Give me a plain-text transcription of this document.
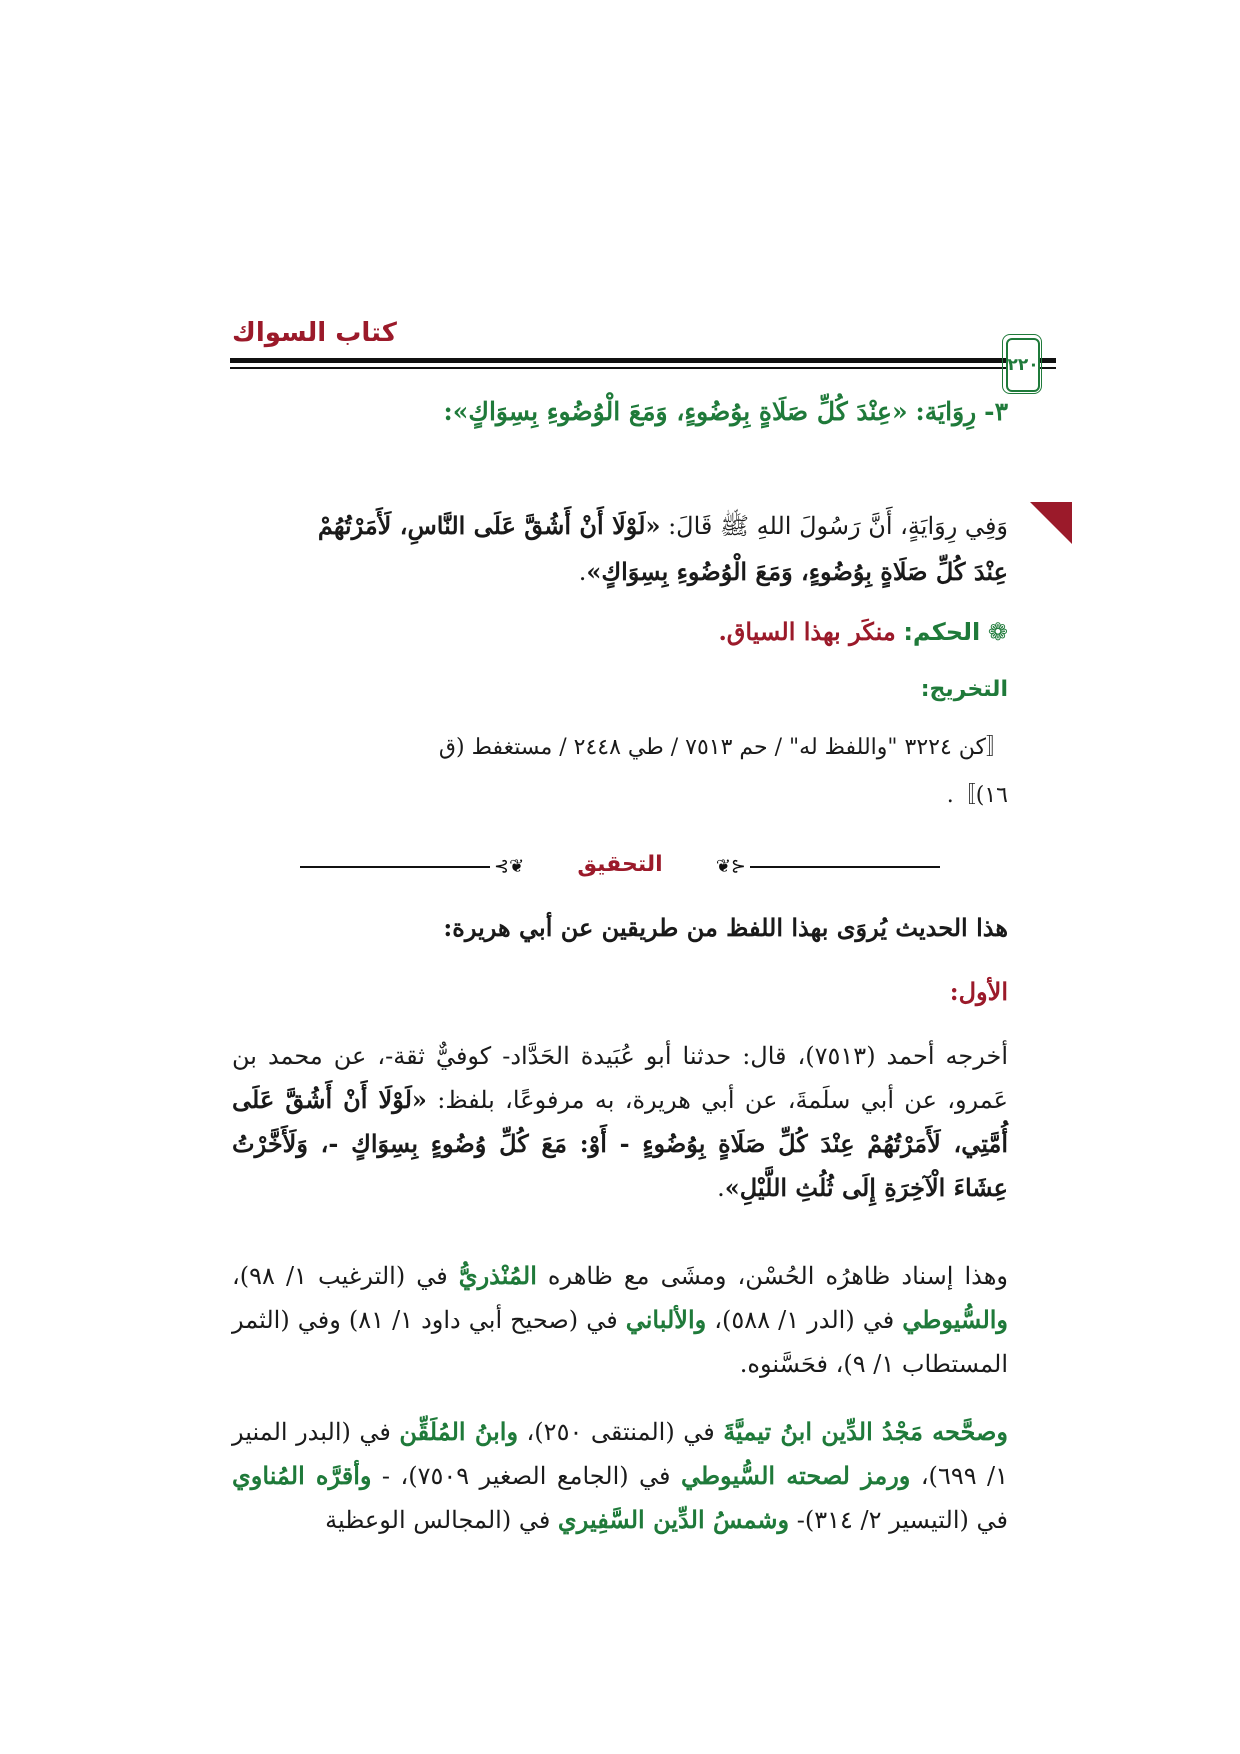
كتاب السواك
٢٢٠
٣- رِوَايَة: «عِنْدَ كُلِّ صَلَاةٍ بِوُضُوءٍ، وَمَعَ الْوُضُوءِ بِسِوَاكٍ»:
وَفِي رِوَايَةٍ، أَنَّ رَسُولَ اللهِ ﷺ قَالَ: «لَوْلَا أَنْ أَشُقَّ عَلَى النَّاسِ، لَأَمَرْتُهُمْ
عِنْدَ كُلِّ صَلَاةٍ بِوُضُوءٍ، وَمَعَ الْوُضُوءِ بِسِوَاكٍ».
❁ الحكم: منكَر بهذا السياق.
التخريج:
〚كن ٣٢٢٤ "واللفظ له" / حم ٧٥١٣ / طي ٢٤٤٨ / مستغفط (ق
١٦)〛.
⊰❦	التحقيق	❦⊱
هذا الحديث يُروَى بهذا اللفظ من طريقين عن أبي هريرة:
الأول:
أخرجه أحمد (٧٥١٣)، قال: حدثنا أبو عُبَيدة الحَدَّاد- كوفيٌّ ثقة-، عن محمد بن عَمرو، عن أبي سلَمةَ، عن أبي هريرة، به مرفوعًا، بلفظ: «لَوْلَا أَنْ أَشُقَّ عَلَى أُمَّتِي، لَأَمَرْتُهُمْ عِنْدَ كُلِّ صَلَاةٍ بِوُضُوءٍ - أَوْ: مَعَ كُلِّ وُضُوءٍ بِسِوَاكٍ -، وَلَأَخَّرْتُ عِشَاءَ الْآخِرَةِ إِلَى ثُلُثِ اللَّيْلِ».
وهذا إسناد ظاهرُه الحُسْن، ومشَى مع ظاهره المُنْذريُّ في (الترغيب ١/ ٩٨)، والسُّيوطي في (الدر ١/ ٥٨٨)، والألباني في (صحيح أبي داود ١/ ٨١) وفي (الثمر المستطاب ١/ ٩)، فحَسَّنوه.
وصحَّحه مَجْدُ الدِّين ابنُ تيميَّةَ في (المنتقى ٢٥٠)، وابنُ المُلَقِّن في (البدر المنير ١/ ٦٩٩)، ورمز لصحته السُّيوطي في (الجامع الصغير ٧٥٠٩)، - وأقرَّه المُناوي في (التيسير ٢/ ٣١٤)- وشمسُ الدِّين السَّفِيري في (المجالس الوعظية
